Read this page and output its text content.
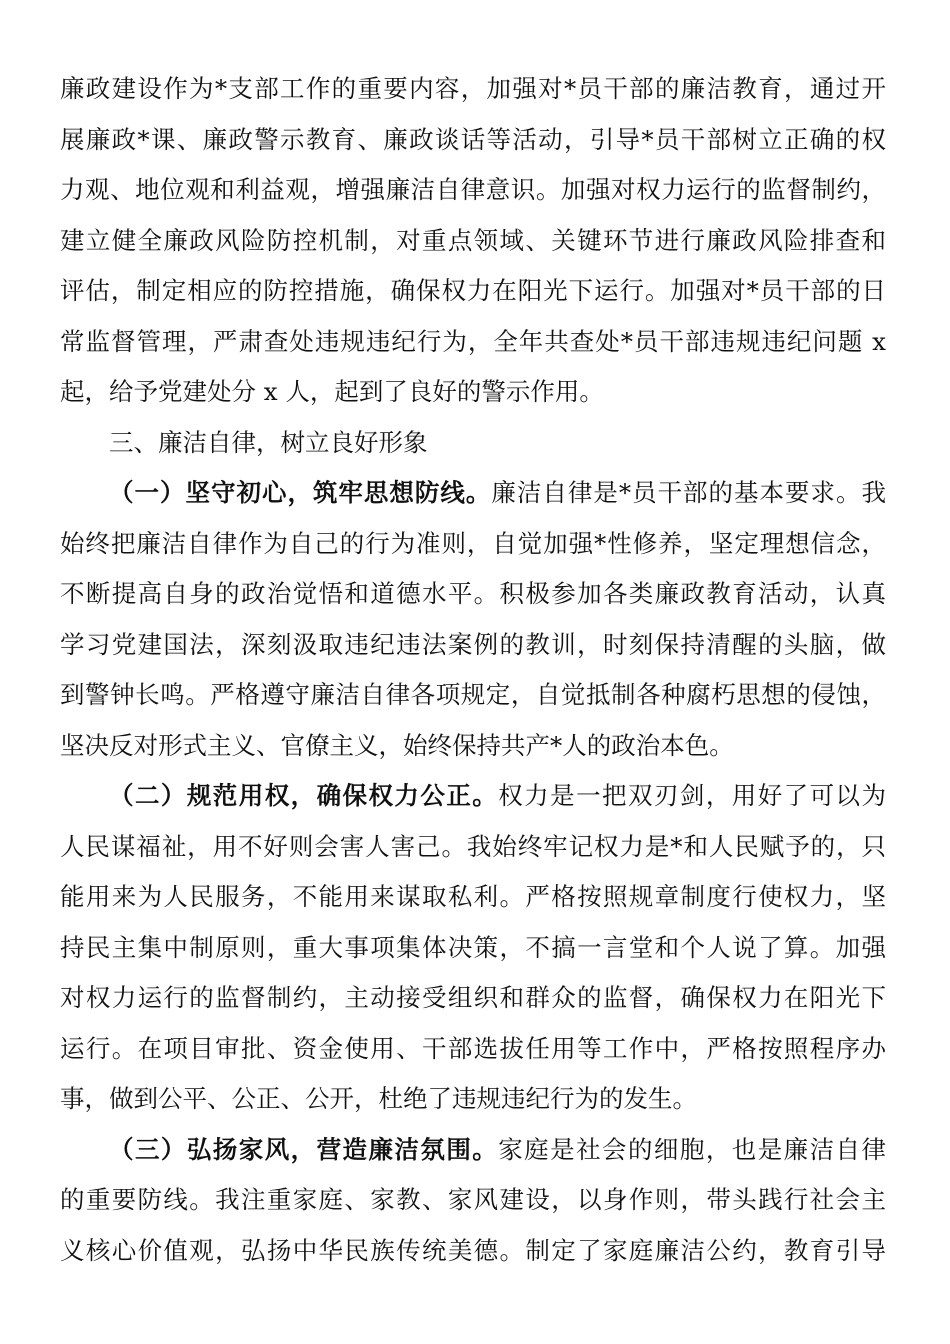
廉政建设作为*支部工作的重要内容，加强对*员干部的廉洁教育，通过开
展廉政*课、廉政警示教育、廉政谈话等活动，引导*员干部树立正确的权
力观、地位观和利益观，增强廉洁自律意识。加强对权力运行的监督制约，
建立健全廉政风险防控机制，对重点领域、关键环节进行廉政风险排查和
评估，制定相应的防控措施，确保权力在阳光下运行。加强对*员干部的日
常监督管理，严肃查处违规违纪行为，全年共查处*员干部违规违纪问题 x
起，给予党建处分 x 人，起到了良好的警示作用。
三、廉洁自律，树立良好形象
（一）坚守初心，筑牢思想防线。廉洁自律是*员干部的基本要求。我
始终把廉洁自律作为自己的行为准则，自觉加强*性修养，坚定理想信念，
不断提高自身的政治觉悟和道德水平。积极参加各类廉政教育活动，认真
学习党建国法，深刻汲取违纪违法案例的教训，时刻保持清醒的头脑，做
到警钟长鸣。严格遵守廉洁自律各项规定，自觉抵制各种腐朽思想的侵蚀，
坚决反对形式主义、官僚主义，始终保持共产*人的政治本色。
（二）规范用权，确保权力公正。权力是一把双刃剑，用好了可以为
人民谋福祉，用不好则会害人害己。我始终牢记权力是*和人民赋予的，只
能用来为人民服务，不能用来谋取私利。严格按照规章制度行使权力，坚
持民主集中制原则，重大事项集体决策，不搞一言堂和个人说了算。加强
对权力运行的监督制约，主动接受组织和群众的监督，确保权力在阳光下
运行。在项目审批、资金使用、干部选拔任用等工作中，严格按照程序办
事，做到公平、公正、公开，杜绝了违规违纪行为的发生。
（三）弘扬家风，营造廉洁氛围。家庭是社会的细胞，也是廉洁自律
的重要防线。我注重家庭、家教、家风建设，以身作则，带头践行社会主
义核心价值观，弘扬中华民族传统美德。制定了家庭廉洁公约，教育引导
